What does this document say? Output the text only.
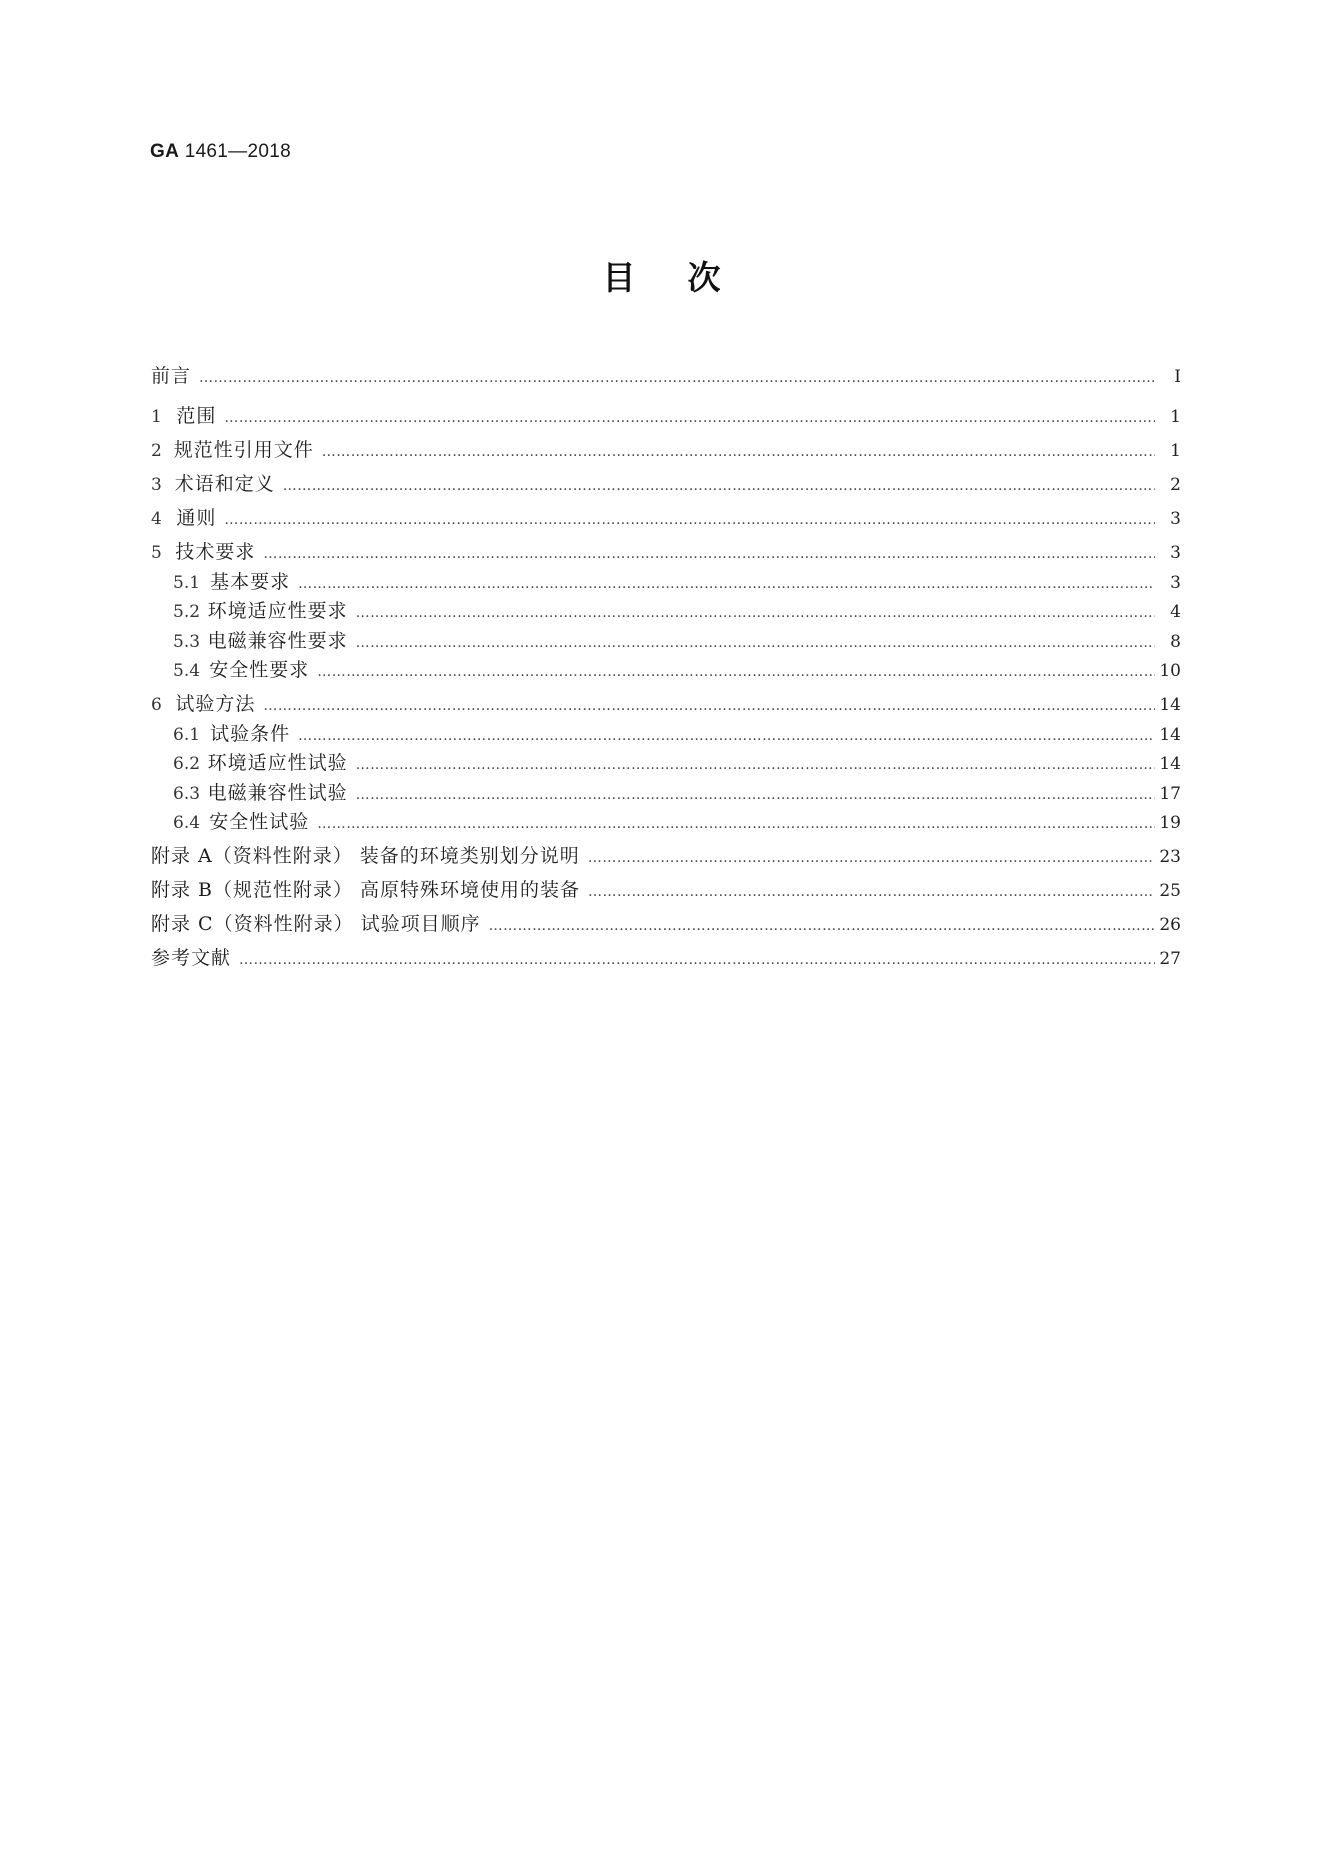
GA 1461—2018
目次
前言 ……………………………………………………………………………………………………………………………………………………………………………………………………………………………………	Ⅰ
1 范围 ……………………………………………………………………………………………………………………………………………………………………………………………………………………………………	1
2 规范性引用文件 ……………………………………………………………………………………………………………………………………………………………………………………………………………………………………	1
3 术语和定义 ……………………………………………………………………………………………………………………………………………………………………………………………………………………………………	2
4 通则 ……………………………………………………………………………………………………………………………………………………………………………………………………………………………………	3
5 技术要求 ……………………………………………………………………………………………………………………………………………………………………………………………………………………………………	3
5.1 基本要求 ……………………………………………………………………………………………………………………………………………………………………………………………………………………………………	3
5.2 环境适应性要求 ……………………………………………………………………………………………………………………………………………………………………………………………………………………………………	4
5.3 电磁兼容性要求 ……………………………………………………………………………………………………………………………………………………………………………………………………………………………………	8
5.4 安全性要求 ……………………………………………………………………………………………………………………………………………………………………………………………………………………………………	10
6 试验方法 ……………………………………………………………………………………………………………………………………………………………………………………………………………………………………	14
6.1 试验条件 ……………………………………………………………………………………………………………………………………………………………………………………………………………………………………	14
6.2 环境适应性试验 ……………………………………………………………………………………………………………………………………………………………………………………………………………………………………	14
6.3 电磁兼容性试验 ……………………………………………………………………………………………………………………………………………………………………………………………………………………………………	17
6.4 安全性试验 ……………………………………………………………………………………………………………………………………………………………………………………………………………………………………	19
附录 A（资料性附录） 装备的环境类别划分说明 ……………………………………………………………………………………………………………………………………………………………………………………………………………………………………	23
附录 B（规范性附录） 高原特殊环境使用的装备 ……………………………………………………………………………………………………………………………………………………………………………………………………………………………………	25
附录 C（资料性附录） 试验项目顺序 ……………………………………………………………………………………………………………………………………………………………………………………………………………………………………	26
参考文献 ……………………………………………………………………………………………………………………………………………………………………………………………………………………………………	27
